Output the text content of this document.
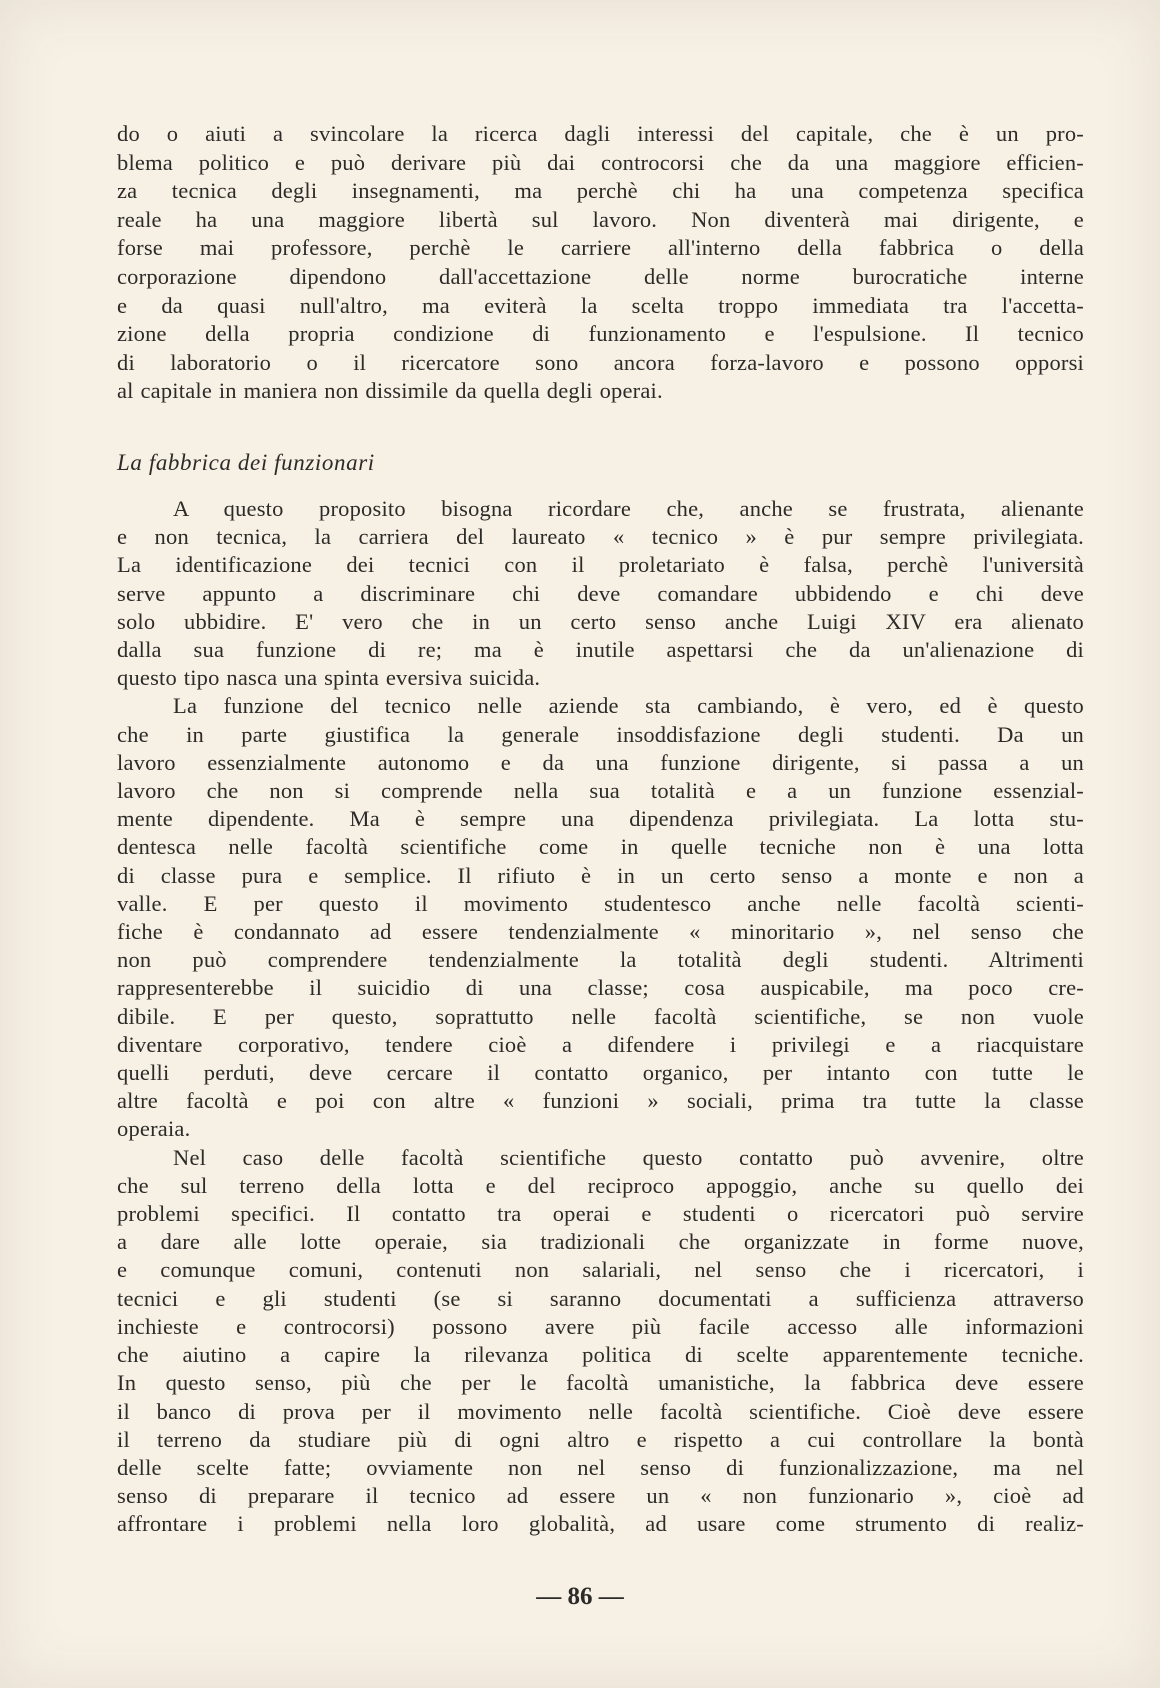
do o aiuti a svincolare la ricerca dagli interessi del capitale, che è un pro-
blema politico e può derivare più dai controcorsi che da una maggiore efficien-
za tecnica degli insegnamenti, ma perchè chi ha una competenza specifica
reale ha una maggiore libertà sul lavoro. Non diventerà mai dirigente, e
forse mai professore, perchè le carriere all'interno della fabbrica o della
corporazione dipendono dall'accettazione delle norme burocratiche interne
e da quasi null'altro, ma eviterà la scelta troppo immediata tra l'accetta-
zione della propria condizione di funzionamento e l'espulsione. Il tecnico
di laboratorio o il ricercatore sono ancora forza-lavoro e possono opporsi
al capitale in maniera non dissimile da quella degli operai.
La fabbrica dei funzionari
A questo proposito bisogna ricordare che, anche se frustrata, alienante
e non tecnica, la carriera del laureato « tecnico » è pur sempre privilegiata.
La identificazione dei tecnici con il proletariato è falsa, perchè l'università
serve appunto a discriminare chi deve comandare ubbidendo e chi deve
solo ubbidire. E' vero che in un certo senso anche Luigi XIV era alienato
dalla sua funzione di re; ma è inutile aspettarsi che da un'alienazione di
questo tipo nasca una spinta eversiva suicida.
La funzione del tecnico nelle aziende sta cambiando, è vero, ed è questo
che in parte giustifica la generale insoddisfazione degli studenti. Da un
lavoro essenzialmente autonomo e da una funzione dirigente, si passa a un
lavoro che non si comprende nella sua totalità e a un funzione essenzial-
mente dipendente. Ma è sempre una dipendenza privilegiata. La lotta stu-
dentesca nelle facoltà scientifiche come in quelle tecniche non è una lotta
di classe pura e semplice. Il rifiuto è in un certo senso a monte e non a
valle. E per questo il movimento studentesco anche nelle facoltà scienti-
fiche è condannato ad essere tendenzialmente « minoritario », nel senso che
non può comprendere tendenzialmente la totalità degli studenti. Altrimenti
rappresenterebbe il suicidio di una classe; cosa auspicabile, ma poco cre-
dibile. E per questo, soprattutto nelle facoltà scientifiche, se non vuole
diventare corporativo, tendere cioè a difendere i privilegi e a riacquistare
quelli perduti, deve cercare il contatto organico, per intanto con tutte le
altre facoltà e poi con altre « funzioni » sociali, prima tra tutte la classe
operaia.
Nel caso delle facoltà scientifiche questo contatto può avvenire, oltre
che sul terreno della lotta e del reciproco appoggio, anche su quello dei
problemi specifici. Il contatto tra operai e studenti o ricercatori può servire
a dare alle lotte operaie, sia tradizionali che organizzate in forme nuove,
e comunque comuni, contenuti non salariali, nel senso che i ricercatori, i
tecnici e gli studenti (se si saranno documentati a sufficienza attraverso
inchieste e controcorsi) possono avere più facile accesso alle informazioni
che aiutino a capire la rilevanza politica di scelte apparentemente tecniche.
In questo senso, più che per le facoltà umanistiche, la fabbrica deve essere
il banco di prova per il movimento nelle facoltà scientifiche. Cioè deve essere
il terreno da studiare più di ogni altro e rispetto a cui controllare la bontà
delle scelte fatte; ovviamente non nel senso di funzionalizzazione, ma nel
senso di preparare il tecnico ad essere un « non funzionario », cioè ad
affrontare i problemi nella loro globalità, ad usare come strumento di realiz-
— 86 —
